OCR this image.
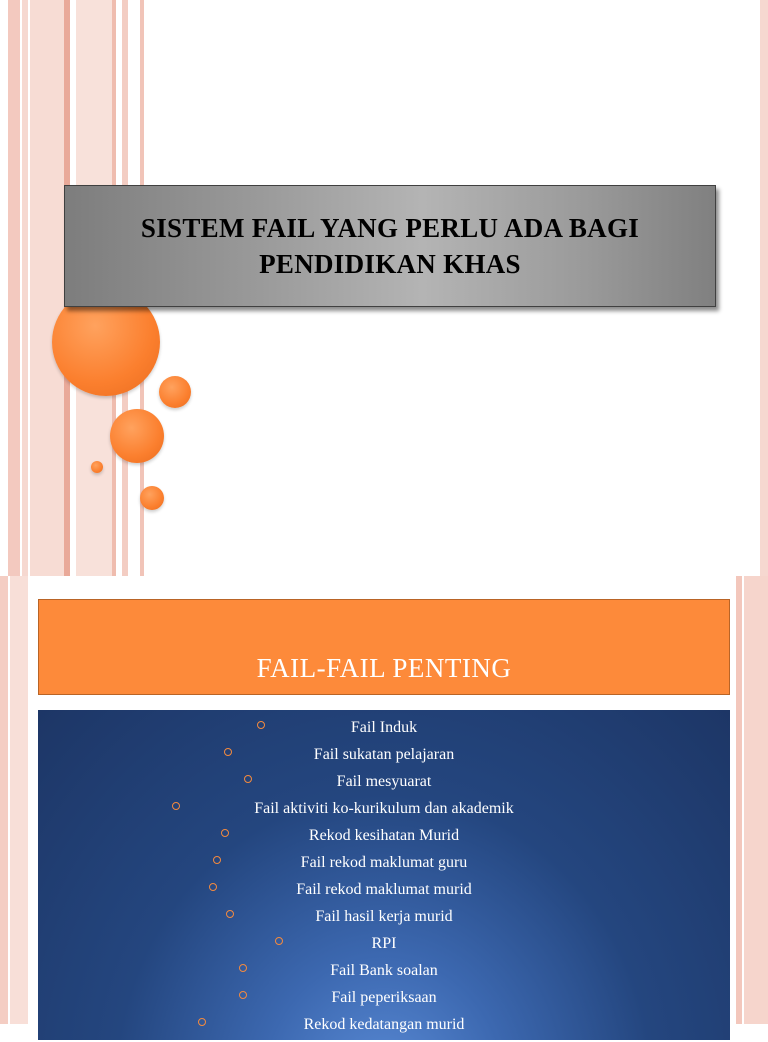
SISTEM FAIL YANG PERLU ADA BAGI
PENDIDIKAN KHAS
FAIL-FAIL PENTING
Fail Induk
Fail sukatan pelajaran
Fail mesyuarat
Fail aktiviti ko-kurikulum dan akademik
Rekod kesihatan Murid
Fail rekod maklumat guru
Fail rekod maklumat murid
Fail hasil kerja murid
RPI
Fail Bank soalan
Fail peperiksaan
Rekod kedatangan murid
